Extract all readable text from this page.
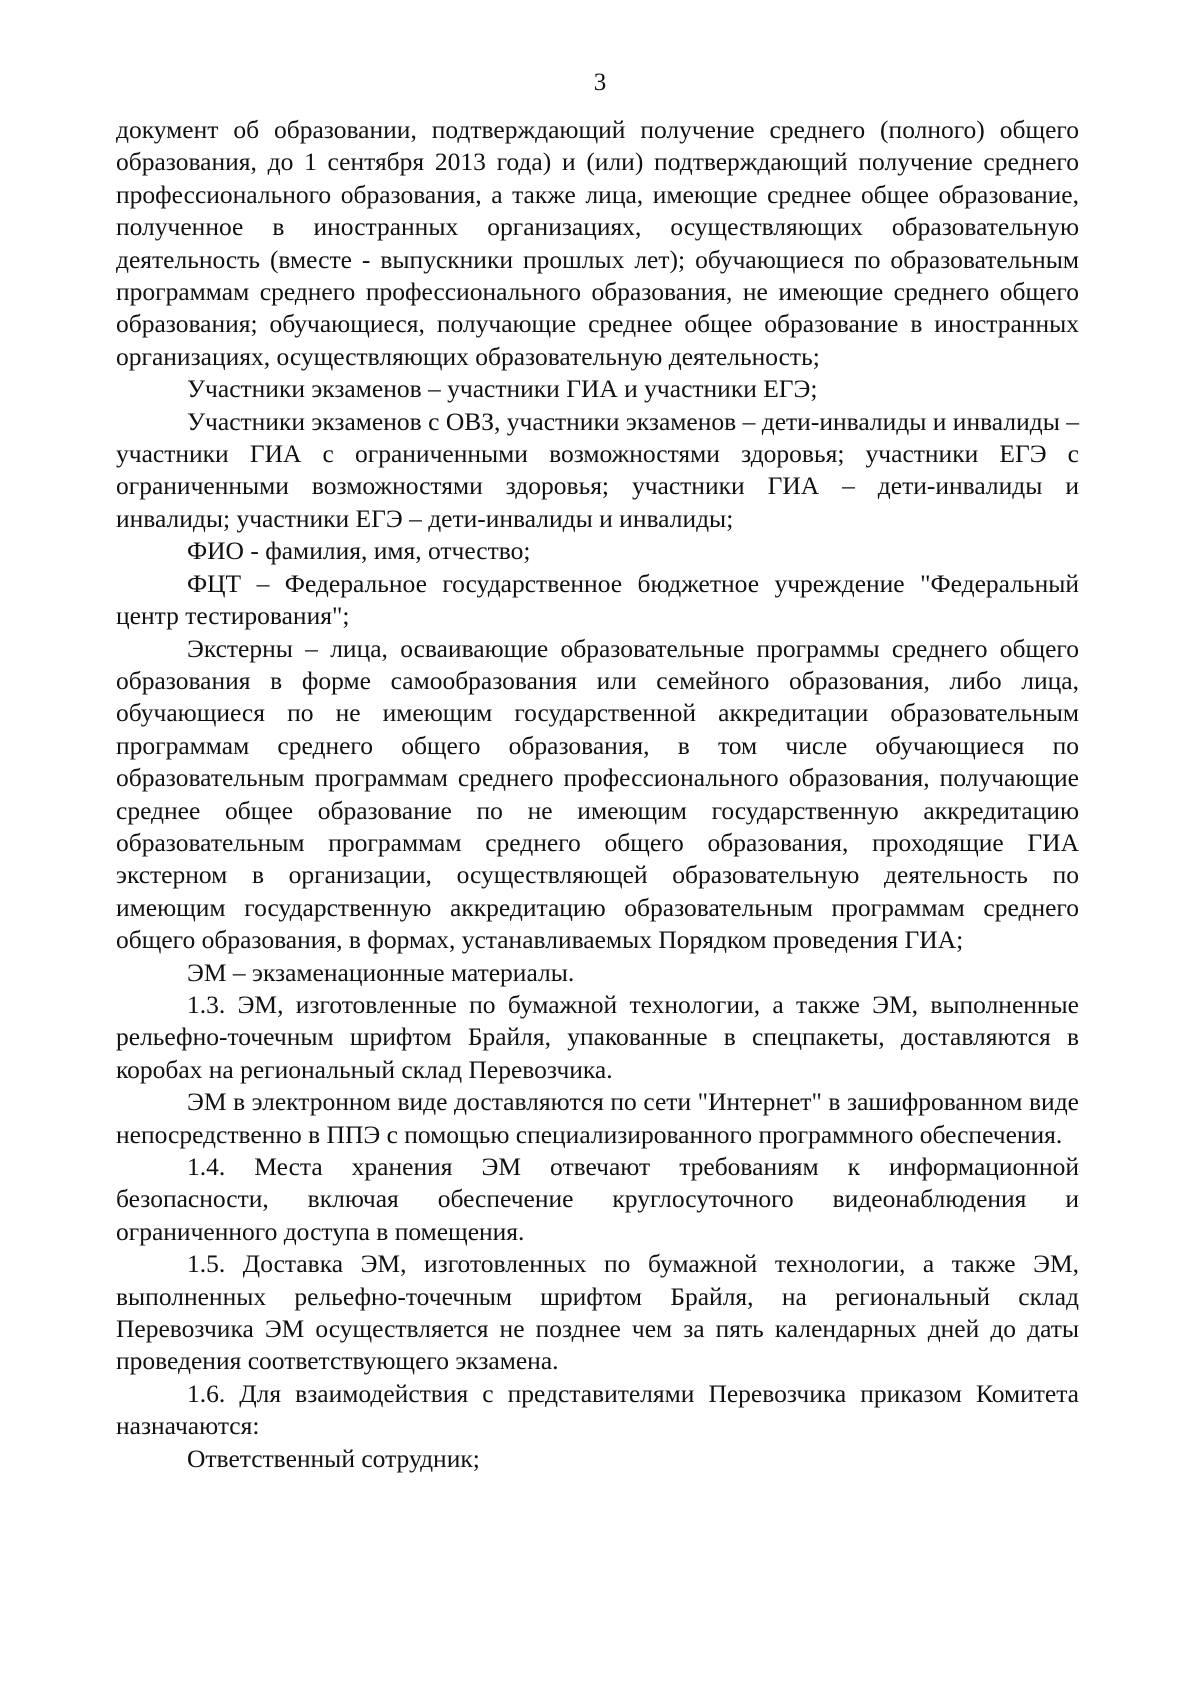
3

документ об образовании, подтверждающий получение среднего (полного) общего образования, до 1 сентября 2013 года) и (или) подтверждающий получение среднего профессионального образования, а также лица, имеющие среднее общее образование, полученное в иностранных организациях, осуществляющих образовательную деятельность (вместе - выпускники прошлых лет); обучающиеся по образовательным программам среднего профессионального образования, не имеющие среднего общего образования; обучающиеся, получающие среднее общее образование в иностранных организациях, осуществляющих образовательную деятельность;

Участники экзаменов – участники ГИА и участники ЕГЭ;

Участники экзаменов с ОВЗ, участники экзаменов – дети-инвалиды и инвалиды – участники ГИА с ограниченными возможностями здоровья; участники ЕГЭ с ограниченными возможностями здоровья; участники ГИА – дети-инвалиды и инвалиды; участники ЕГЭ – дети-инвалиды и инвалиды;

ФИО - фамилия, имя, отчество;

ФЦТ – Федеральное государственное бюджетное учреждение "Федеральный центр тестирования";

Экстерны – лица, осваивающие образовательные программы среднего общего образования в форме самообразования или семейного образования, либо лица, обучающиеся по не имеющим государственной аккредитации образовательным программам среднего общего образования, в том числе обучающиеся по образовательным программам среднего профессионального образования, получающие среднее общее образование по не имеющим государственную аккредитацию образовательным программам среднего общего образования, проходящие ГИА экстерном в организации, осуществляющей образовательную деятельность по имеющим государственную аккредитацию образовательным программам среднего общего образования, в формах, устанавливаемых Порядком проведения ГИА;

ЭМ – экзаменационные материалы.

1.3. ЭМ, изготовленные по бумажной технологии, а также ЭМ, выполненные рельефно-точечным шрифтом Брайля, упакованные в спецпакеты, доставляются в коробах на региональный склад Перевозчика.

ЭМ в электронном виде доставляются по сети "Интернет" в зашифрованном виде непосредственно в ППЭ с помощью специализированного программного обеспечения.

1.4. Места хранения ЭМ отвечают требованиям к информационной безопасности, включая обеспечение круглосуточного видеонаблюдения и ограниченного доступа в помещения.

1.5. Доставка ЭМ, изготовленных по бумажной технологии, а также ЭМ, выполненных рельефно-точечным шрифтом Брайля, на региональный склад Перевозчика ЭМ осуществляется не позднее чем за пять календарных дней до даты проведения соответствующего экзамена.

1.6. Для взаимодействия с представителями Перевозчика приказом Комитета назначаются:

Ответственный сотрудник;
